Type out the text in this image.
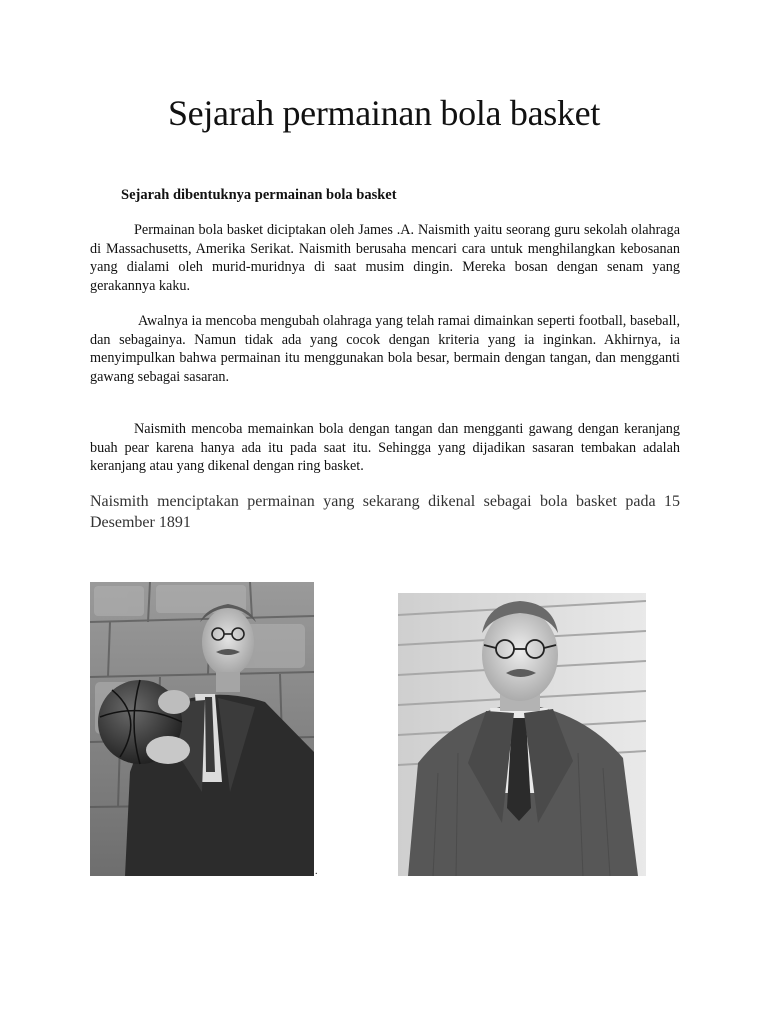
Sejarah permainan bola basket
Sejarah dibentuknya permainan bola basket

Permainan bola basket diciptakan oleh James .A. Naismith yaitu seorang guru sekolah olahraga di Massachusetts, Amerika Serikat. Naismith berusaha mencari cara untuk menghilangkan kebosanan yang dialami oleh murid-muridnya di saat musim dingin. Mereka bosan dengan senam yang gerakannya kaku.

Awalnya ia mencoba mengubah olahraga yang telah ramai dimainkan seperti football, baseball, dan sebagainya. Namun tidak ada yang cocok dengan kriteria yang ia inginkan. Akhirnya, ia menyimpulkan bahwa permainan itu menggunakan bola besar, bermain dengan tangan, dan mengganti gawang sebagai sasaran.

Naismith mencoba memainkan bola dengan tangan dan mengganti gawang dengan keranjang buah pear karena hanya ada itu pada saat itu. Sehingga yang dijadikan sasaran tembakan adalah keranjang atau yang dikenal dengan ring basket.

Naismith menciptakan permainan yang sekarang dikenal sebagai bola basket pada 15 Desember 1891

.
